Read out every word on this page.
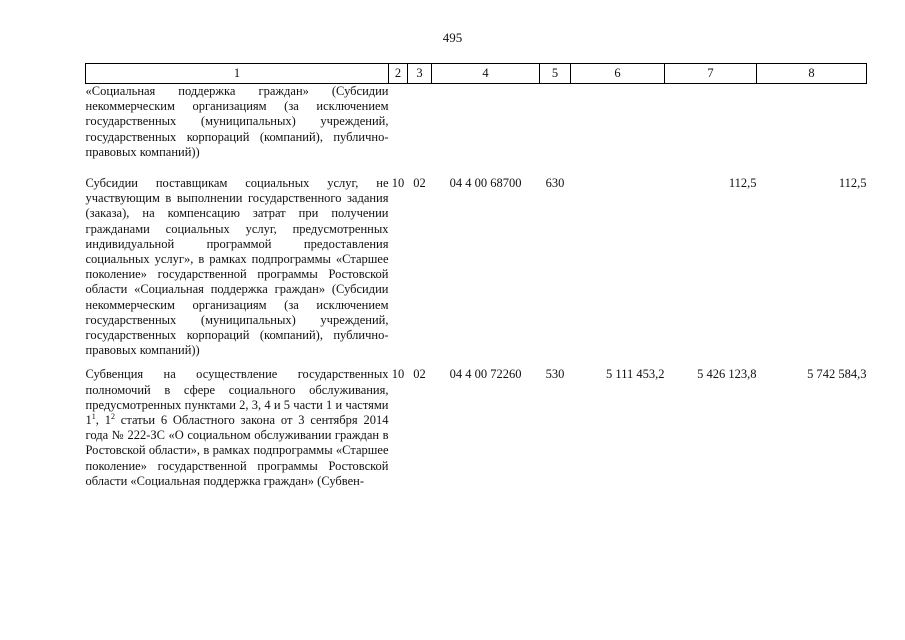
495
1	2	3	4	5	6	7	8
«Социальная поддержка граждан» (Субсидии некоммерческим организациям (за исключением государственных (муниципальных) учреждений, государственных корпораций (компаний), публично-правовых компаний))							
Субсидии поставщикам социальных услуг, не участвующим в выполнении государственного задания (заказа), на компенсацию затрат при получении гражданами социальных услуг, предусмотренных индивидуальной программой предоставления социальных услуг», в рамках подпрограммы «Старшее поколение» государственной программы Ростовской области «Социальная поддержка граждан» (Субсидии некоммерческим организациям (за исключением государственных (муниципальных) учреждений, государственных корпораций (компаний), публично-правовых компаний))	10	02	04 4 00 68700	630		112,5	112,5
Субвенция на осуществление государственных полномочий в сфере социального обслуживания, предусмотренных пунктами 2, 3, 4 и 5 части 1 и частями $1^1$, $1^2$ статьи 6 Областного закона от 3 сентября 2014 года № 222-ЗС «О социальном обслуживании граждан в Ростовской области», в рамках подпрограммы «Старшее поколение» государственной программы Ростовской области «Социальная поддержка граждан» (Субвен-	10	02	04 4 00 72260	530	5 111 453,2	5 426 123,8	5 742 584,3
